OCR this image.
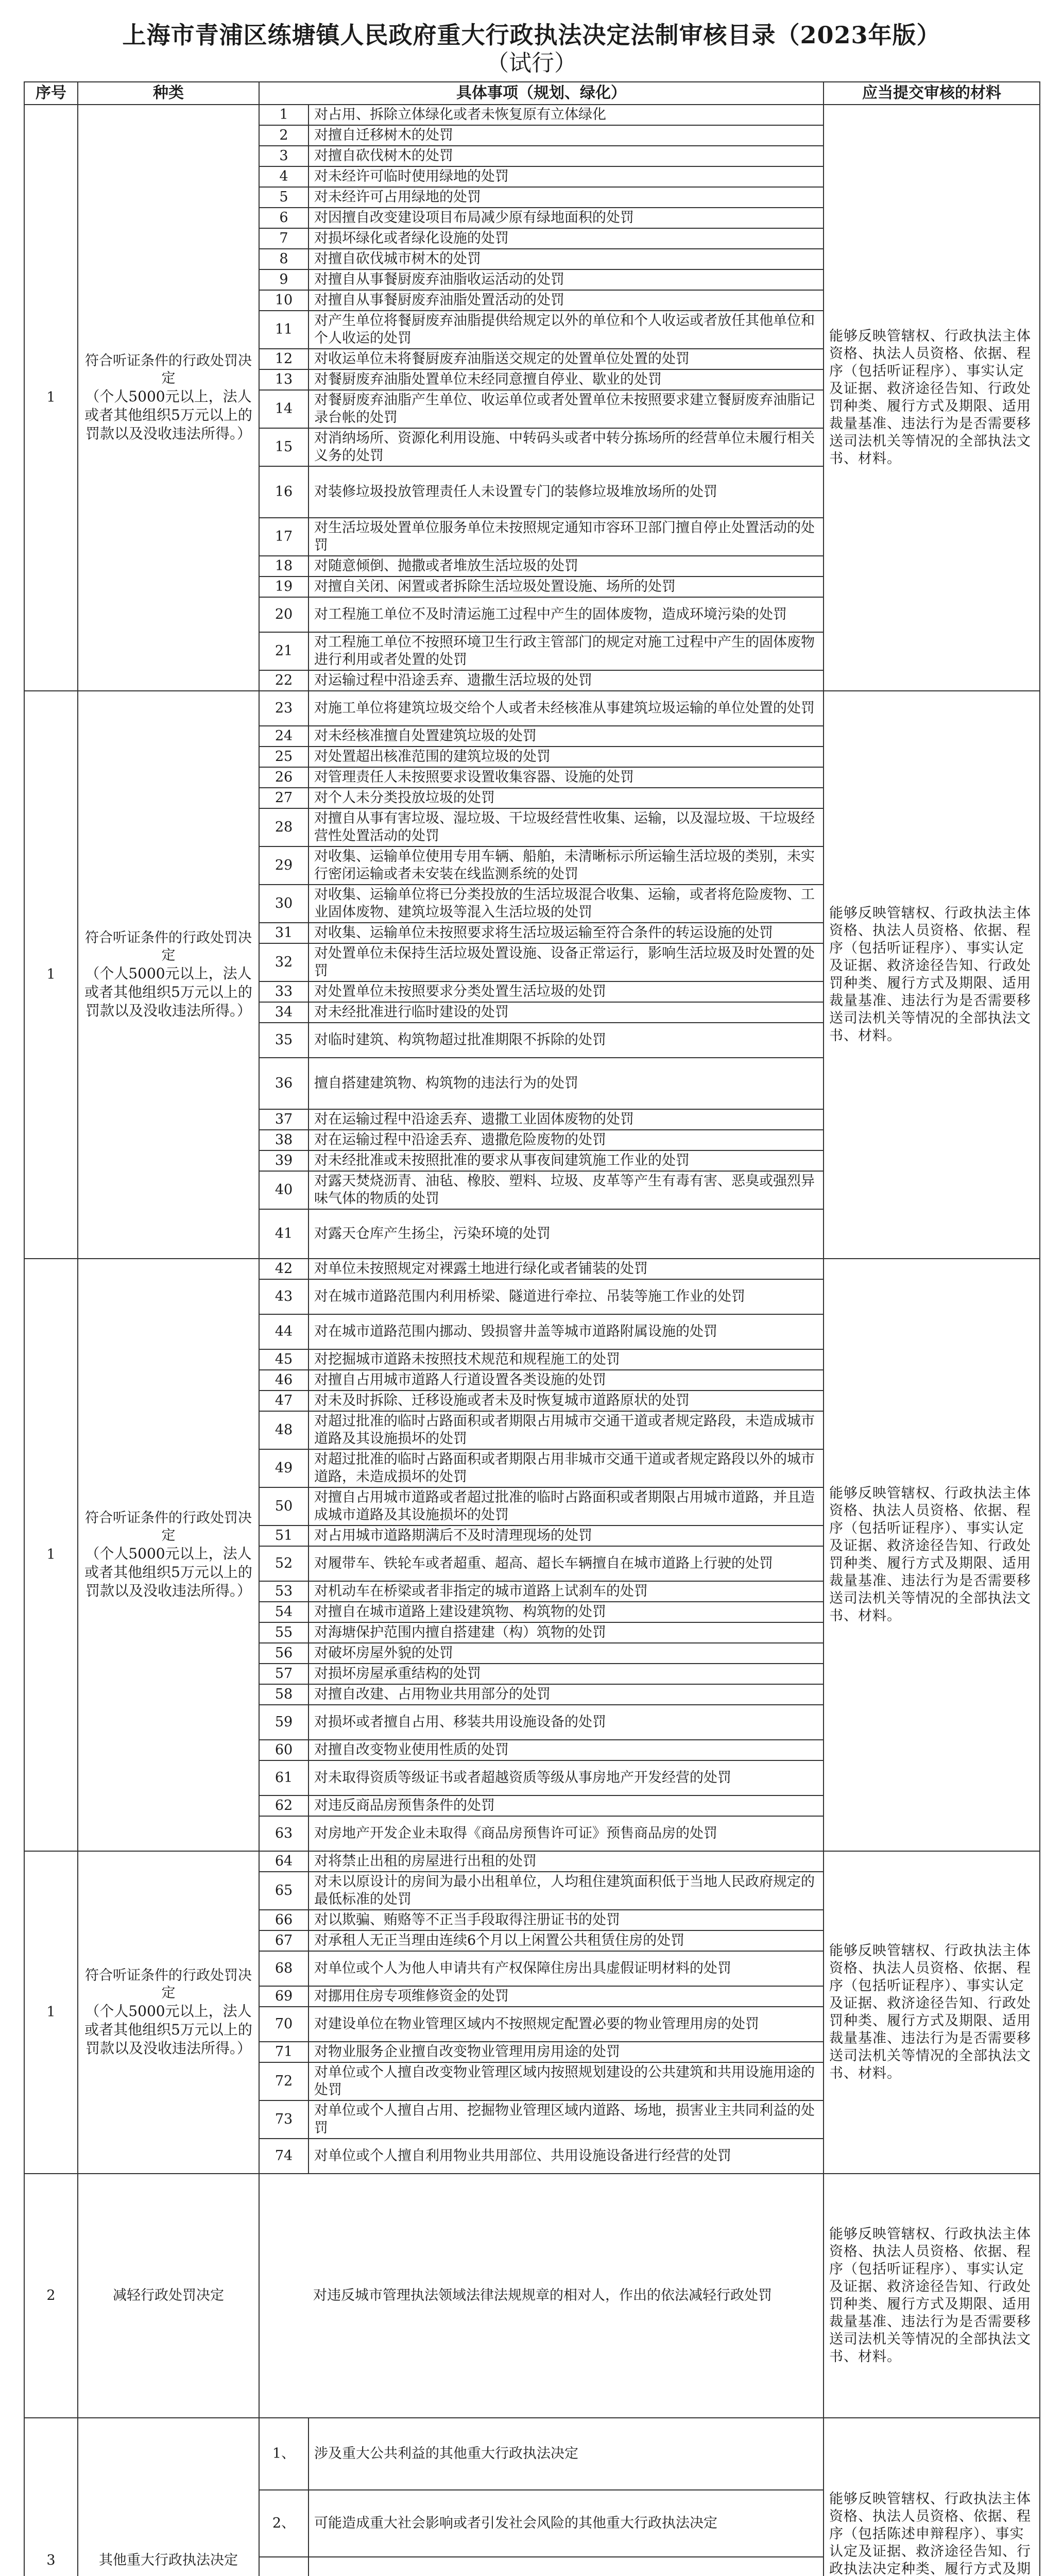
上海市青浦区练塘镇人民政府重大行政执法决定法制审核目录（2023年版）
（试行）
序号	种类	具体事项（规划、绿化）		应当提交审核的材料
1	符合听证条件的行政处罚决定
（个人5000元以上，法人或者其他组织5万元以上的罚款以及没收违法所得。）	1	对占用、拆除立体绿化或者未恢复原有立体绿化	能够反映管辖权、行政执法主体资格、执法人员资格、依据、程序（包括听证程序）、事实认定及证据、救济途径告知、行政处罚种类、履行方式及期限、适用裁量基准、违法行为是否需要移送司法机关等情况的全部执法文书、材料。
		2	对擅自迁移树木的处罚	
		3	对擅自砍伐树木的处罚	
		4	对未经许可临时使用绿地的处罚	
		5	对未经许可占用绿地的处罚	
		6	对因擅自改变建设项目布局减少原有绿地面积的处罚	
		7	对损坏绿化或者绿化设施的处罚	
		8	对擅自砍伐城市树木的处罚	
		9	对擅自从事餐厨废弃油脂收运活动的处罚	
		10	对擅自从事餐厨废弃油脂处置活动的处罚	
		11	对产生单位将餐厨废弃油脂提供给规定以外的单位和个人收运或者放任其他单位和个人收运的处罚	
		12	对收运单位未将餐厨废弃油脂送交规定的处置单位处置的处罚	
		13	对餐厨废弃油脂处置单位未经同意擅自停业、歇业的处罚	
		14	对餐厨废弃油脂产生单位、收运单位或者处置单位未按照要求建立餐厨废弃油脂记录台帐的处罚	
		15	对消纳场所、资源化利用设施、中转码头或者中转分拣场所的经营单位未履行相关义务的处罚	
		16	对装修垃圾投放管理责任人未设置专门的装修垃圾堆放场所的处罚	
		17	对生活垃圾处置单位服务单位未按照规定通知市容环卫部门擅自停止处置活动的处罚	
		18	对随意倾倒、抛撒或者堆放生活垃圾的处罚	
		19	对擅自关闭、闲置或者拆除生活垃圾处置设施、场所的处罚	
		20	对工程施工单位不及时清运施工过程中产生的固体废物，造成环境污染的处罚	
		21	对工程施工单位不按照环境卫生行政主管部门的规定对施工过程中产生的固体废物进行利用或者处置的处罚	
		22	对运输过程中沿途丢弃、遗撒生活垃圾的处罚	
1	符合听证条件的行政处罚决定
（个人5000元以上，法人或者其他组织5万元以上的罚款以及没收违法所得。）	23	对施工单位将建筑垃圾交给个人或者未经核准从事建筑垃圾运输的单位处置的处罚	能够反映管辖权、行政执法主体资格、执法人员资格、依据、程序（包括听证程序）、事实认定及证据、救济途径告知、行政处罚种类、履行方式及期限、适用裁量基准、违法行为是否需要移送司法机关等情况的全部执法文书、材料。
		24	对未经核准擅自处置建筑垃圾的处罚	
		25	对处置超出核准范围的建筑垃圾的处罚	
		26	对管理责任人未按照要求设置收集容器、设施的处罚	
		27	对个人未分类投放垃圾的处罚	
		28	对擅自从事有害垃圾、湿垃圾、干垃圾经营性收集、运输，以及湿垃圾、干垃圾经营性处置活动的处罚	
		29	对收集、运输单位使用专用车辆、船舶，未清晰标示所运输生活垃圾的类别，未实行密闭运输或者未安装在线监测系统的处罚	
		30	对收集、运输单位将已分类投放的生活垃圾混合收集、运输，或者将危险废物、工业固体废物、建筑垃圾等混入生活垃圾的处罚	
		31	对收集、运输单位未按照要求将生活垃圾运输至符合条件的转运设施的处罚	
		32	对处置单位未保持生活垃圾处置设施、设备正常运行，影响生活垃圾及时处置的处罚	
		33	对处置单位未按照要求分类处置生活垃圾的处罚	
		34	对未经批准进行临时建设的处罚	
		35	对临时建筑、构筑物超过批准期限不拆除的处罚	
		36	擅自搭建建筑物、构筑物的违法行为的处罚	
		37	对在运输过程中沿途丢弃、遗撒工业固体废物的处罚	
		38	对在运输过程中沿途丢弃、遗撒危险废物的处罚	
		39	对未经批准或未按照批准的要求从事夜间建筑施工作业的处罚	
		40	对露天焚烧沥青、油毡、橡胶、塑料、垃圾、皮革等产生有毒有害、恶臭或强烈异味气体的物质的处罚	
		41	对露天仓库产生扬尘，污染环境的处罚	
1	符合听证条件的行政处罚决定
（个人5000元以上，法人或者其他组织5万元以上的罚款以及没收违法所得。）	42	对单位未按照规定对裸露土地进行绿化或者铺装的处罚	能够反映管辖权、行政执法主体资格、执法人员资格、依据、程序（包括听证程序）、事实认定及证据、救济途径告知、行政处罚种类、履行方式及期限、适用裁量基准、违法行为是否需要移送司法机关等情况的全部执法文书、材料。
		43	对在城市道路范围内利用桥梁、隧道进行牵拉、吊装等施工作业的处罚	
		44	对在城市道路范围内挪动、毁损窨井盖等城市道路附属设施的处罚	
		45	对挖掘城市道路未按照技术规范和规程施工的处罚	
		46	对擅自占用城市道路人行道设置各类设施的处罚	
		47	对未及时拆除、迁移设施或者未及时恢复城市道路原状的处罚	
		48	对超过批准的临时占路面积或者期限占用城市交通干道或者规定路段，未造成城市道路及其设施损坏的处罚	
		49	对超过批准的临时占路面积或者期限占用非城市交通干道或者规定路段以外的城市道路，未造成损坏的处罚	
		50	对擅自占用城市道路或者超过批准的临时占路面积或者期限占用城市道路，并且造成城市道路及其设施损坏的处罚	
		51	对占用城市道路期满后不及时清理现场的处罚	
		52	对履带车、铁轮车或者超重、超高、超长车辆擅自在城市道路上行驶的处罚	
		53	对机动车在桥梁或者非指定的城市道路上试刹车的处罚	
		54	对擅自在城市道路上建设建筑物、构筑物的处罚	
		55	对海塘保护范围内擅自搭建建（构）筑物的处罚	
		56	对破坏房屋外貌的处罚	
		57	对损坏房屋承重结构的处罚	
		58	对擅自改建、占用物业共用部分的处罚	
		59	对损坏或者擅自占用、移装共用设施设备的处罚	
		60	对擅自改变物业使用性质的处罚	
		61	对未取得资质等级证书或者超越资质等级从事房地产开发经营的处罚	
		62	对违反商品房预售条件的处罚	
		63	对房地产开发企业未取得《商品房预售许可证》预售商品房的处罚	
1	符合听证条件的行政处罚决定
（个人5000元以上，法人或者其他组织5万元以上的罚款以及没收违法所得。）	64	对将禁止出租的房屋进行出租的处罚	能够反映管辖权、行政执法主体资格、执法人员资格、依据、程序（包括听证程序）、事实认定及证据、救济途径告知、行政处罚种类、履行方式及期限、适用裁量基准、违法行为是否需要移送司法机关等情况的全部执法文书、材料。
		65	对未以原设计的房间为最小出租单位，人均租住建筑面积低于当地人民政府规定的最低标准的处罚	
		66	对以欺骗、贿赂等不正当手段取得注册证书的处罚	
		67	对承租人无正当理由连续6个月以上闲置公共租赁住房的处罚	
		68	对单位或个人为他人申请共有产权保障住房出具虚假证明材料的处罚	
		69	对挪用住房专项维修资金的处罚	
		70	对建设单位在物业管理区域内不按照规定配置必要的物业管理用房的处罚	
		71	对物业服务企业擅自改变物业管理用房用途的处罚	
		72	对单位或个人擅自改变物业管理区域内按照规划建设的公共建筑和共用设施用途的处罚	
		73	对单位或个人擅自占用、挖掘物业管理区域内道路、场地，损害业主共同利益的处罚	
		74	对单位或个人擅自利用物业共用部位、共用设施设备进行经营的处罚	
2	减轻行政处罚决定	对违反城市管理执法领域法律法规规章的相对人，作出的依法减轻行政处罚		能够反映管辖权、行政执法主体资格、执法人员资格、依据、程序（包括听证程序）、事实认定及证据、救济途径告知、行政处罚种类、履行方式及期限、适用裁量基准、违法行为是否需要移送司法机关等情况的全部执法文书、材料。
3	其他重大行政执法决定	1、	涉及重大公共利益的其他重大行政执法决定	能够反映管辖权、行政执法主体资格、执法人员资格、依据、程序（包括陈述申辩程序）、事实认定及证据、救济途径告知、行政执法决定种类、履行方式及期
		2、	可能造成重大社会影响或者引发社会风险的其他重大行政执法决定	
